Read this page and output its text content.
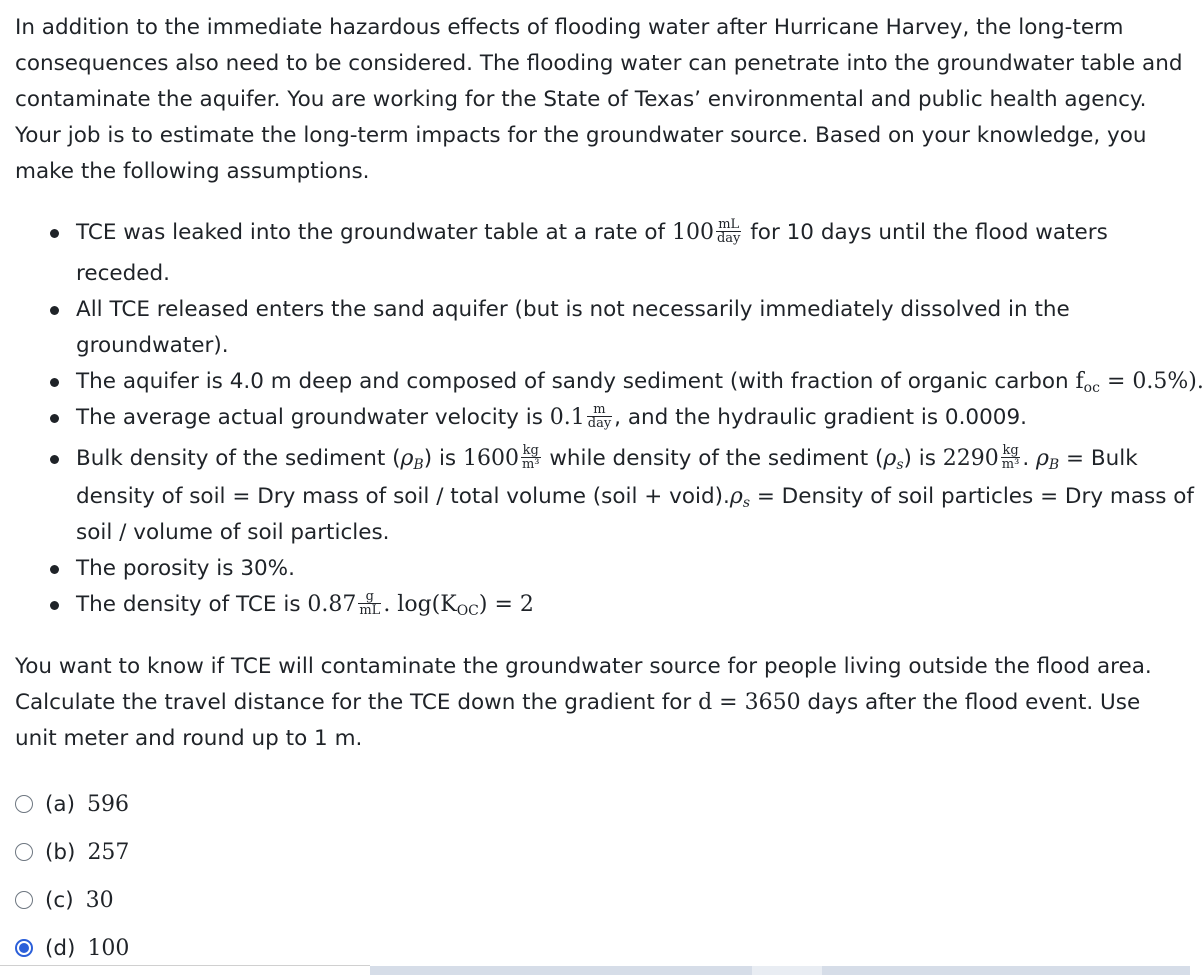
In addition to the immediate hazardous effects of flooding water after Hurricane Harvey, the long-term consequences also need to be considered. The flooding water can penetrate into the groundwater table and contaminate the aquifer. You are working for the State of Texas’ environmental and public health agency. Your job is to estimate the long-term impacts for the groundwater source. Based on your knowledge, you make the following assumptions.

TCE was leaked into the groundwater table at a rate of $100 \frac{mL}{\text{day}}$ for 10 days until the flood waters
receded.
All TCE released enters the sand aquifer (but is not necessarily immediately dissolved in the
groundwater).
The aquifer is 4.0 m deep and composed of sandy sediment (with fraction of organic carbon $f_{oc} = 0.5\%$).
The average actual groundwater velocity is $0.1 \frac{m}{\text{day}}$ , and the hydraulic gradient is 0.0009.
Bulk density of the sediment $(\rho_B)$ is $1600 \frac{kg}{\text{m³}}$ while density of the sediment $(\rho_s)$ is $2290 \frac{kg}{\text{m³}}$ . $\rho_B$ = Bulk
density of soil = Dry mass of soil / total volume (soil + $void).\rho_s$ = Density of soil particles = Dry mass of
soil / volume of soil particles.
The porosity is 30%.
The density of TCE is $0.87 \frac{g}{mL}$ . $\log(K_{OC}) = 2$

You want to know if TCE will contaminate the groundwater source for people living outside the flood area. Calculate the travel distance for the TCE down the gradient for d = 3650 days after the flood event. Use unit meter and round up to 1 m.

(a) 596
(b) 257
(c) 30
(d) 100
